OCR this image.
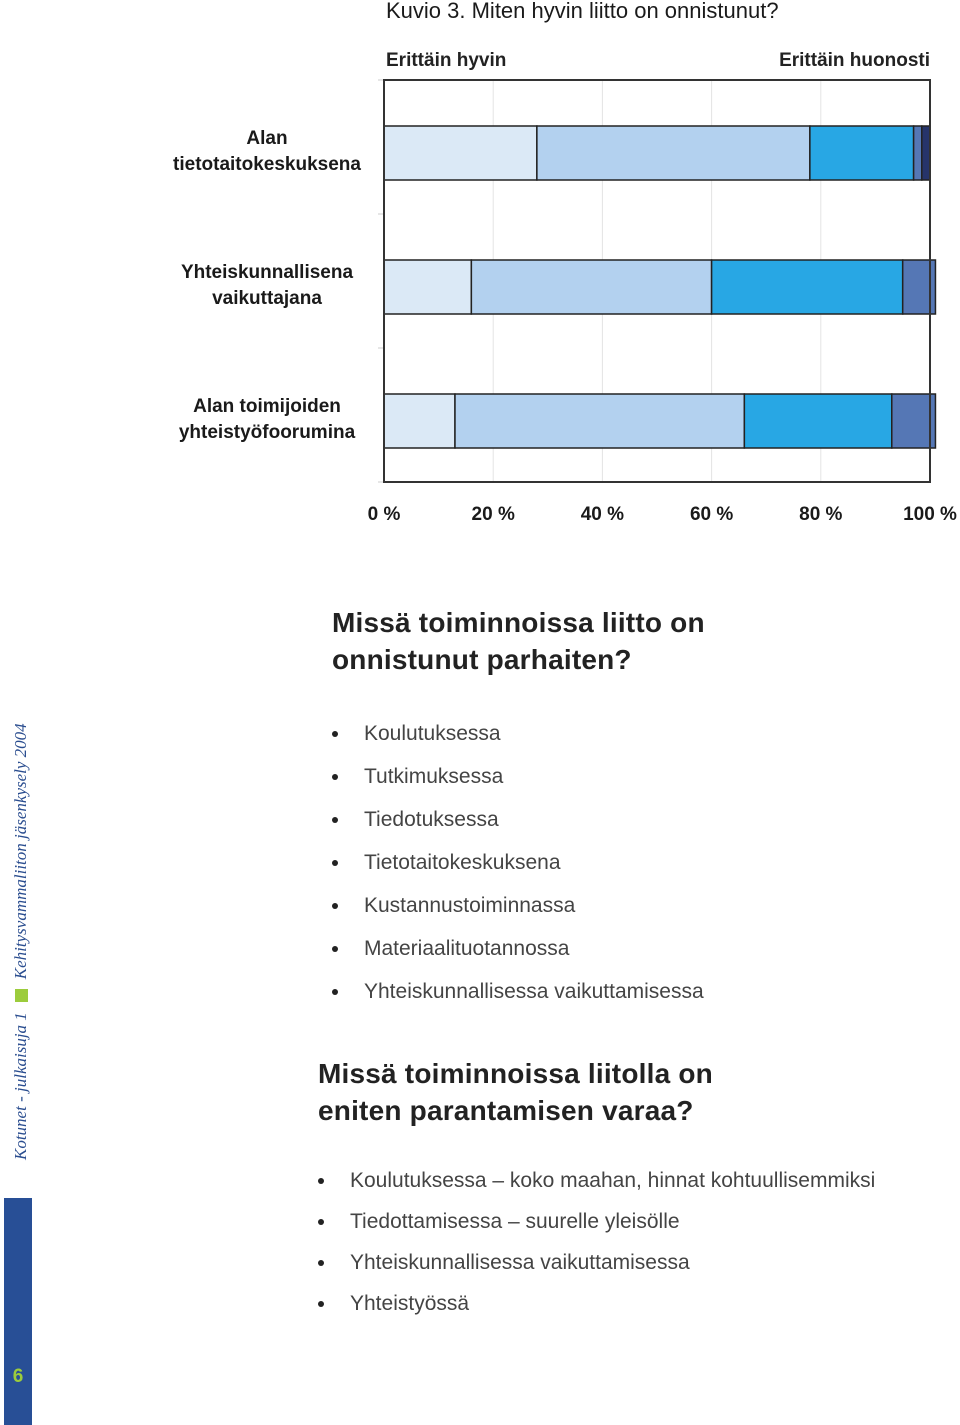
Kuvio 3. Miten hyvin liitto on onnistunut?
Erittäin hyvin	Erittäin huonosti
Alan
tietotaitokeskuksena
Yhteiskunnallisena
vaikuttajana
Alan toimijoiden
yhteistyöfoorumina
0 %	20 %	40 %	60 %	80 %	100 %
Missä toiminnoissa liitto on
onnistunut parhaiten?
Koulutuksessa
Tutkimuksessa
Tiedotuksessa
Tietotaitokeskuksena
Kustannustoiminnassa
Materiaalituotannossa
Yhteiskunnallisessa vaikuttamisessa
Missä toiminnoissa liitolla on
eniten parantamisen varaa?
Koulutuksessa – koko maahan, hinnat kohtuullisemmiksi
Tiedottamisessa – suurelle yleisölle
Yhteiskunnallisessa vaikuttamisessa
Yhteistyössä
Kotunet - julkaisuja 1
Kehitysvammaliiton jäsenkysely 2004
6
